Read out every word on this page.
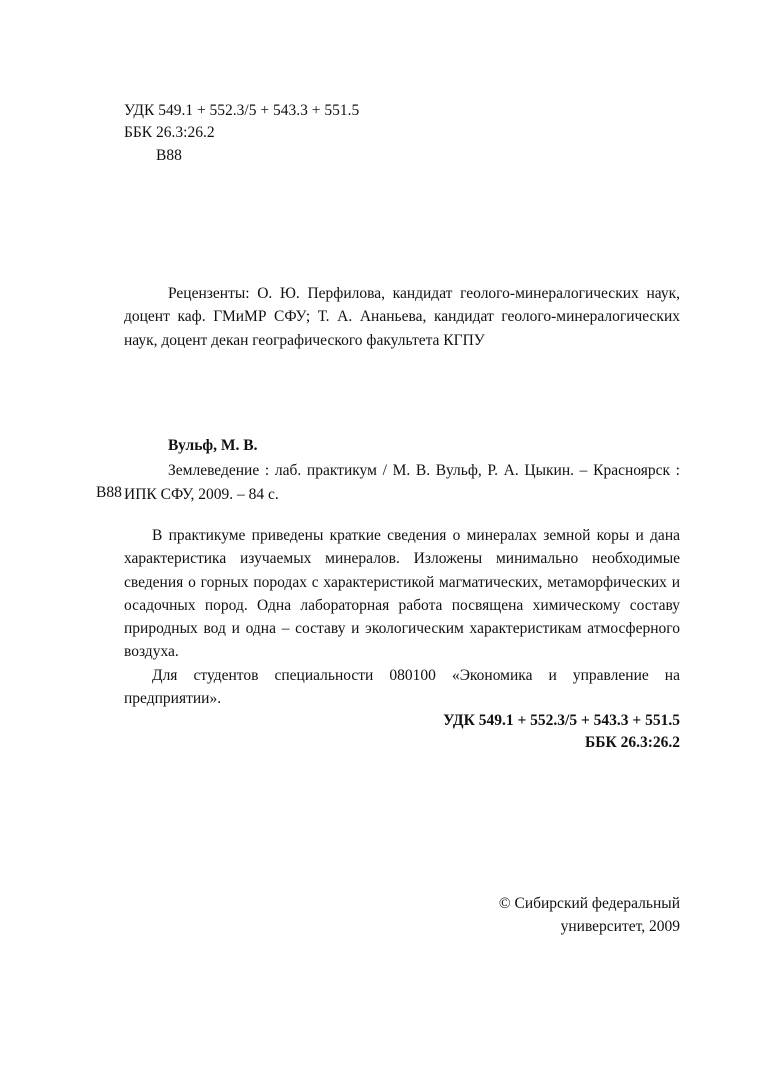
УДК 549.1 + 552.3/5 + 543.3 + 551.5
ББК 26.3:26.2
В88
Рецензенты: О. Ю. Перфилова, кандидат геолого-минералогических наук, доцент каф. ГМиМР СФУ; Т. А. Ананьева, кандидат геолого-минералогических наук, доцент декан географического факультета КГПУ
Вульф, М. В.
В88
Землеведение : лаб. практикум / М. В. Вульф, Р. А. Цыкин. – Красноярск : ИПК СФУ, 2009. – 84 с.

В практикуме приведены краткие сведения о минералах земной коры и дана характеристика изучаемых минералов. Изложены минимально необходимые сведения о горных породах с характеристикой магматических, метаморфических и осадочных пород. Одна лабораторная работа посвящена химическому составу природных вод и одна – составу и экологическим характеристикам атмосферного воздуха.

Для студентов специальности 080100 «Экономика и управление на предприятии».

УДК 549.1 + 552.3/5 + 543.3 + 551.5
ББК 26.3:26.2
© Сибирский федеральный
университет, 2009
